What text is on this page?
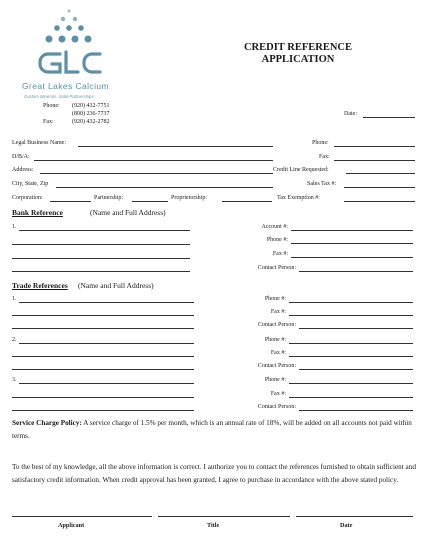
Great Lakes Calcium
Custom Minerals. Solid Partnerships.
CREDIT REFERENCE
APPLICATION
Phone: (920) 432-7751
(800) 236-7737
Fax:	(920) 432-2782
Date:
Legal Business Name:	Phone:
D/B/A:	Fax:
Address:	Credit Line Requested:
City, State, Zip	Sales Tax #:
Corporation:	Partnership:	Proprietorship:	Tax Exemption #:
Bank Reference	(Name and Full Address)
1.	Account #:
Phone #:
Fax #:
Contact Person:
Trade References (Name and Full Address)
1.	Phone #:
Fax #:
Contact Person:
2.	Phone #:
Fax #:
Contact Person:
3.	Phone #:
Fax #:
Contact Person:
Service Charge Policy: A service charge of 1.5% per month, which is an annual rate of 18%, will be added on all accounts not paid within terms.
To the best of my knowledge, all the above information is correct. I authorize you to contact the references furnished to obtain sufficient and satisfactory credit information. When credit approval has been granted, I agree to purchase in accordance with the above stated policy.
Applicant	Title	Date
